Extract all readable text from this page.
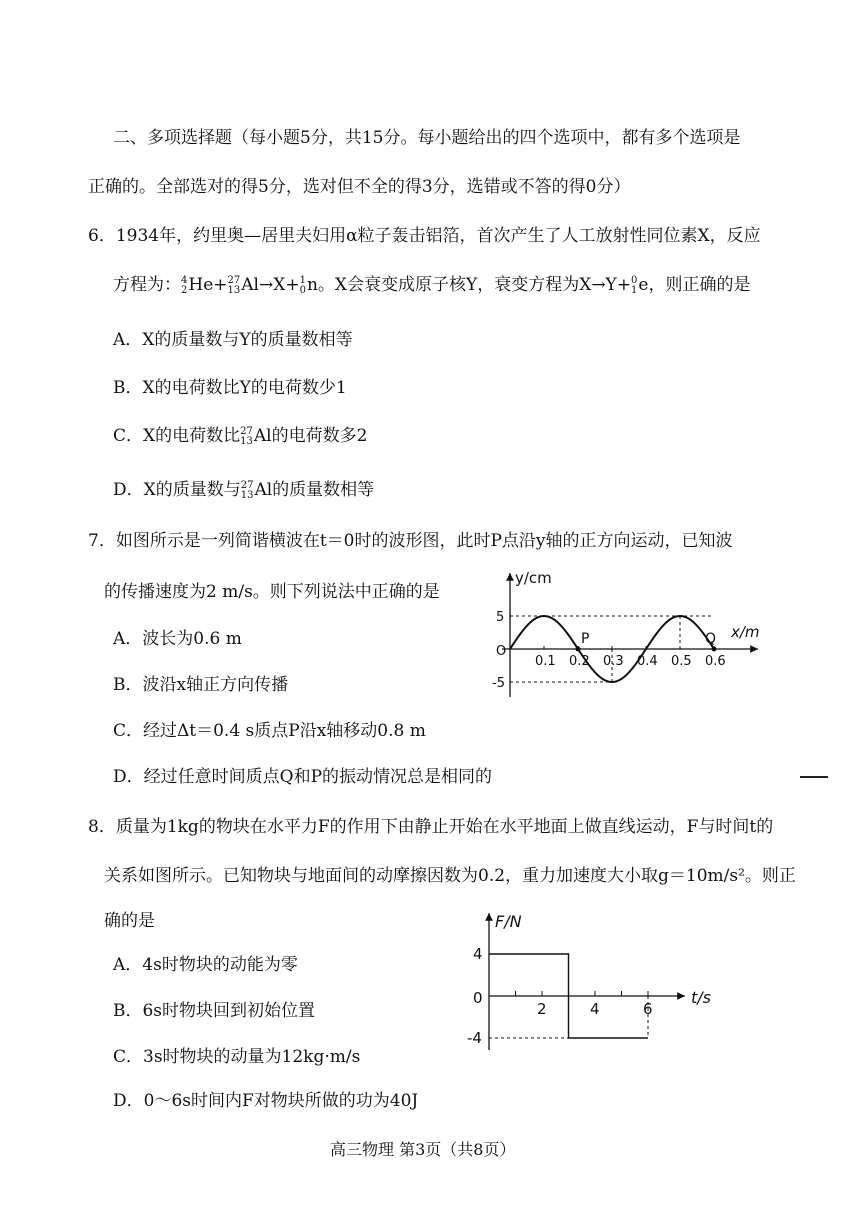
二、多项选择题（每小题5分，共15分。每小题给出的四个选项中，都有多个选项是
正确的。全部选对的得5分，选对但不全的得3分，选错或不答的得0分）
6．1934年，约里奥—居里夫妇用α粒子轰击铝箔，首次产生了人工放射性同位素X，反应
方程为： 4
2 He+ 27
13 Al→X+ 1
0 n。X会衰变成原子核Y，衰变方程为X→Y+ 0
1 e，则正确的是
A．X的质量数与Y的质量数相等
B．X的电荷数比Y的电荷数少1
C．X的电荷数比 27
13 Al的电荷数多2
D．X的质量数与 27
13 Al的质量数相等
7．如图所示是一列简谐横波在t＝0时的波形图，此时P点沿y轴的正方向运动，已知波
的传播速度为2 m/s。则下列说法中正确的是
A．波长为0.6 m
B．波沿x轴正方向传播
C．经过Δt＝0.4 s质点P沿x轴移动0.8 m
D．经过任意时间质点Q和P的振动情况总是相同的
0.1 0.2 0.3 0.4 0.5 0.6
5
-5
P	Q
y/cm
x/m
O
8．质量为1kg的物块在水平力F的作用下由静止开始在水平地面上做直线运动，F与时间t的
关系如图所示。已知物块与地面间的动摩擦因数为0.2，重力加速度大小取g＝10m/s²。则正
确的是
A．4s时物块的动能为零
B．6s时物块回到初始位置
C．3s时物块的动量为12kg·m/s
D．0～6s时间内F对物块所做的功为40J
2	4	6
4
-4
F/N
t/s
0
高三物理 第3页（共8页）
